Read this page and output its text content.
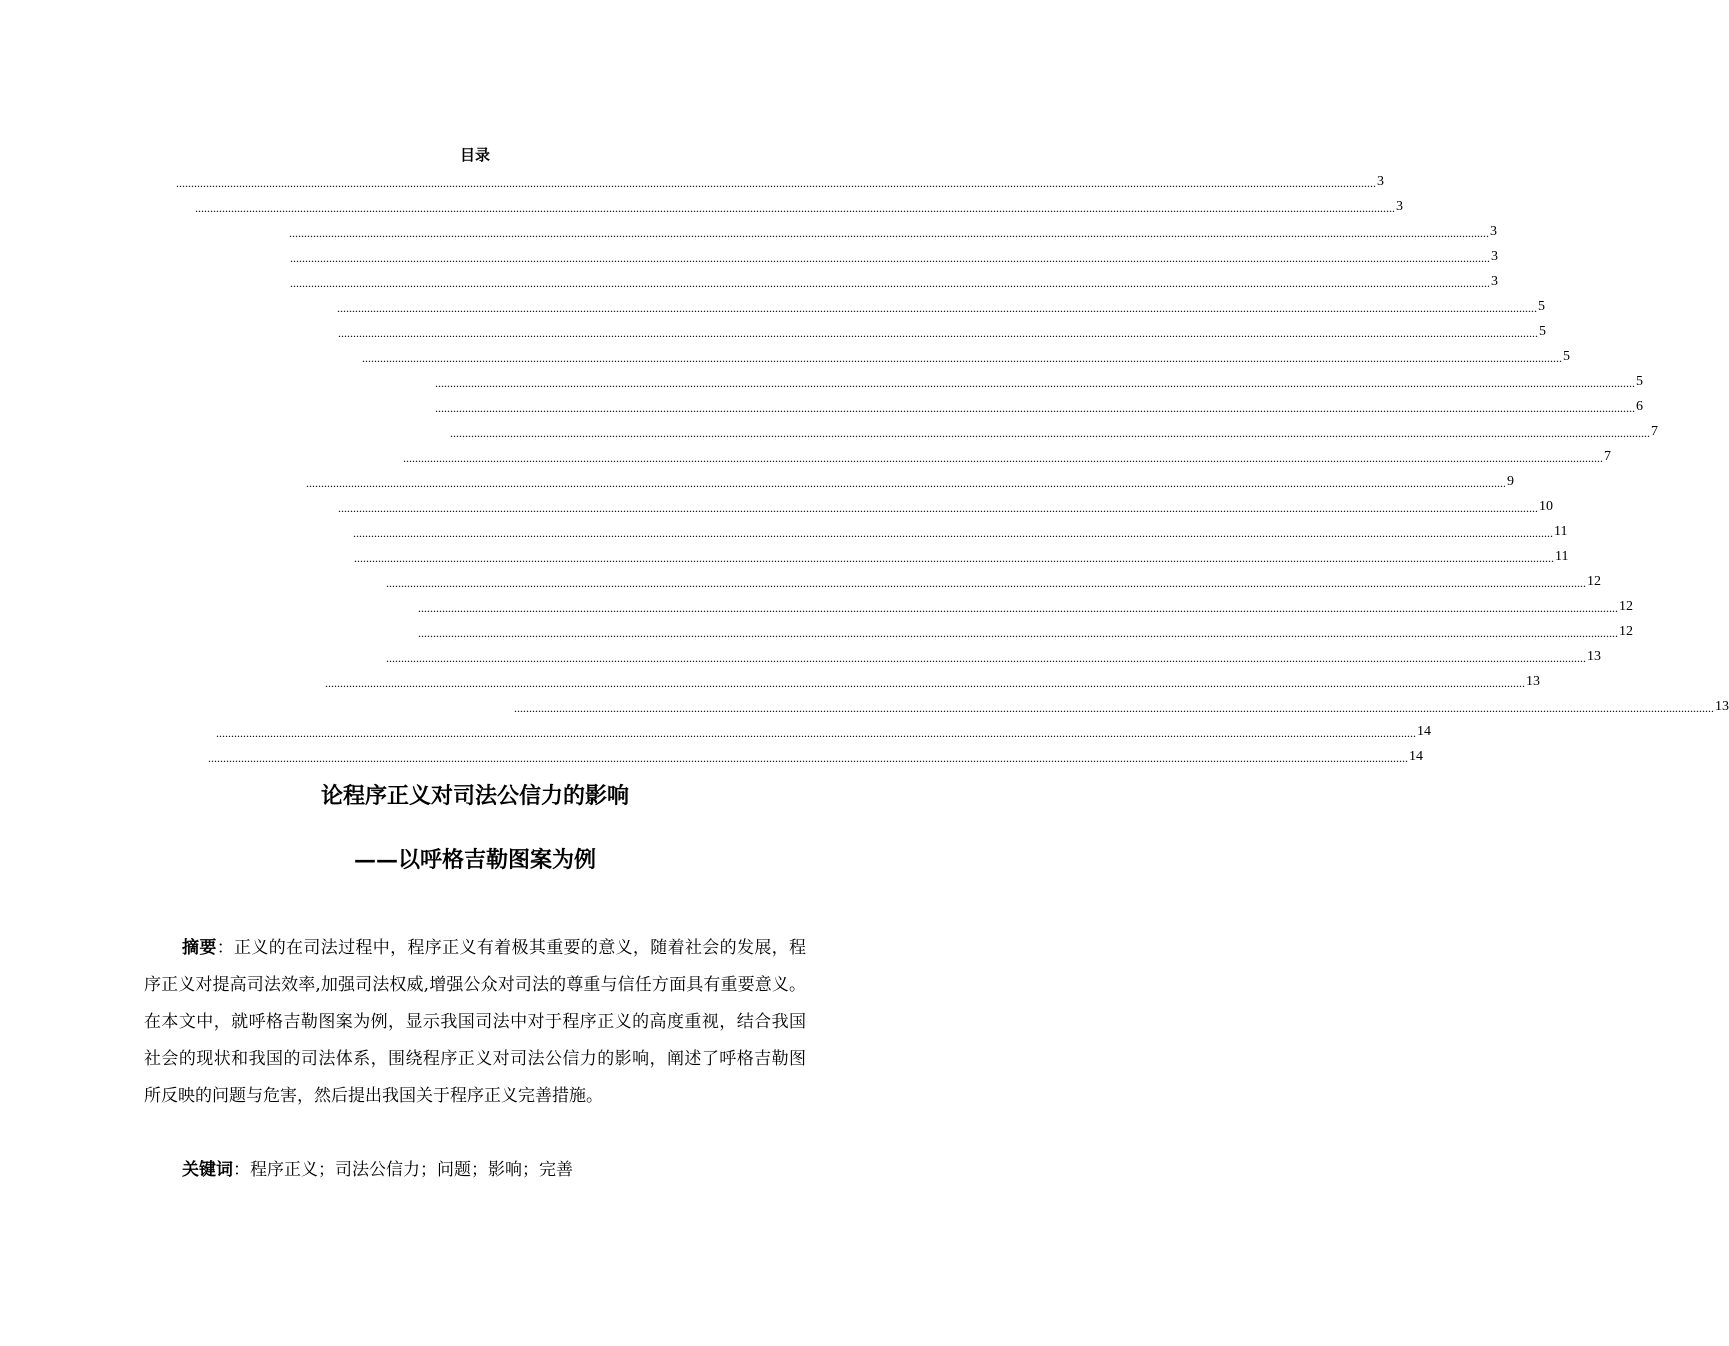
目录
................................................................................................................................................................................................................................................................................................................................................................................................................ 3
................................................................................................................................................................................................................................................................................................................................................................................................................ 3
................................................................................................................................................................................................................................................................................................................................................................................................................ 3
................................................................................................................................................................................................................................................................................................................................................................................................................ 3
................................................................................................................................................................................................................................................................................................................................................................................................................ 3
................................................................................................................................................................................................................................................................................................................................................................................................................ 5
................................................................................................................................................................................................................................................................................................................................................................................................................ 5
................................................................................................................................................................................................................................................................................................................................................................................................................ 5
................................................................................................................................................................................................................................................................................................................................................................................................................ 5
................................................................................................................................................................................................................................................................................................................................................................................................................ 6
................................................................................................................................................................................................................................................................................................................................................................................................................ 7
................................................................................................................................................................................................................................................................................................................................................................................................................ 7
................................................................................................................................................................................................................................................................................................................................................................................................................ 9
................................................................................................................................................................................................................................................................................................................................................................................................................ 10
................................................................................................................................................................................................................................................................................................................................................................................................................ 11
................................................................................................................................................................................................................................................................................................................................................................................................................ 11
................................................................................................................................................................................................................................................................................................................................................................................................................ 12
................................................................................................................................................................................................................................................................................................................................................................................................................ 12
................................................................................................................................................................................................................................................................................................................................................................................................................ 12
................................................................................................................................................................................................................................................................................................................................................................................................................ 13
................................................................................................................................................................................................................................................................................................................................................................................................................ 13
................................................................................................................................................................................................................................................................................................................................................................................................................ 13
................................................................................................................................................................................................................................................................................................................................................................................................................ 14
................................................................................................................................................................................................................................................................................................................................................................................................................ 14
论程序正义对司法公信力的影响
——以呼格吉勒图案为例
摘要：正义的在司法过程中，程序正义有着极其重要的意义，随着社会的发展，程序正义对提高司法效率,加强司法权威,增强公众对司法的尊重与信任方面具有重要意义。在本文中，就呼格吉勒图案为例，显示我国司法中对于程序正义的高度重视，结合我国社会的现状和我国的司法体系，围绕程序正义对司法公信力的影响，阐述了呼格吉勒图所反映的问题与危害，然后提出我国关于程序正义完善措施。
关键词：程序正义；司法公信力；问题；影响；完善
